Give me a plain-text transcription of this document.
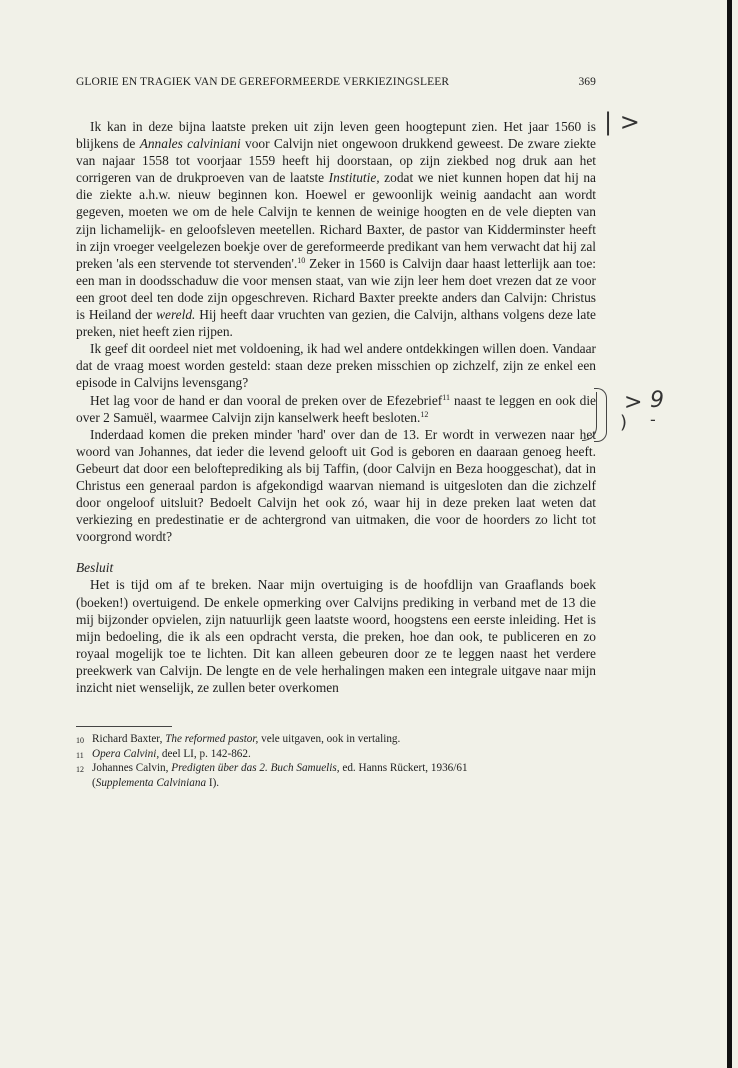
GLORIE EN TRAGIEK VAN DE GEREFORMEERDE VERKIEZINGSLEER	369

Ik kan in deze bijna laatste preken uit zijn leven geen hoogtepunt zien. Het jaar 1560 is blijkens de Annales calviniani voor Calvijn niet ongewoon drukkend geweest. De zware ziekte van najaar 1558 tot voorjaar 1559 heeft hij doorstaan, op zijn ziekbed nog druk aan het corrigeren van de drukproeven van de laatste Institutie, zodat we niet kunnen hopen dat hij na die ziekte a.h.w. nieuw beginnen kon. Hoewel er gewoonlijk weinig aandacht aan wordt gegeven, moeten we om de hele Calvijn te kennen de weinige hoogten en de vele diepten van zijn lichamelijk- en geloofsleven meetellen. Richard Baxter, de pastor van Kidderminster heeft in zijn vroeger veelgelezen boekje over de gereformeerde predikant van hem verwacht dat hij zal preken 'als een stervende tot stervenden'.$^{10}$ Zeker in 1560 is Calvijn daar haast letterlijk aan toe: een man in doodsschaduw die voor mensen staat, van wie zijn leer hem doet vrezen dat ze voor een groot deel ten dode zijn opgeschreven. Richard Baxter preekte anders dan Calvijn: Christus is Heiland der wereld. Hij heeft daar vruchten van gezien, die Calvijn, althans volgens deze late preken, niet heeft zien rijpen.

Ik geef dit oordeel niet met voldoening, ik had wel andere ontdekkingen willen doen. Vandaar dat de vraag moest worden gesteld: staan deze preken misschien op zichzelf, zijn ze enkel een episode in Calvijns levensgang?

Het lag voor de hand er dan vooral de preken over de Efezebrief$^{11}$ naast te leggen en ook die over 2 Samuël, waarmee Calvijn zijn kanselwerk heeft besloten.$^{12}$

Inderdaad komen die preken minder 'hard' over dan de 13. Er wordt in verwezen naar het woord van Johannes, dat ieder die levend gelooft uit God is geboren en daaraan genoeg heeft. Gebeurt dat door een belofteprediking als bij Taffin, (door Calvijn en Beza hooggeschat), dat in Christus een generaal pardon is afgekondigd waarvan niemand is uitgesloten dan die zichzelf door ongeloof uitsluit? Bedoelt Calvijn het ook zó, waar hij in deze preken laat weten dat verkiezing en predestinatie er de achtergrond van uitmaken, die voor de hoorders zo licht tot voorgrond wordt?

Besluit

Het is tijd om af te breken. Naar mijn overtuiging is de hoofdlijn van Graaflands boek (boeken!) overtuigend. De enkele opmerking over Calvijns prediking in verband met de 13 die mij bijzonder opvielen, zijn natuurlijk geen laatste woord, hoogstens een eerste inleiding. Het is mijn bedoeling, die ik als een opdracht versta, die preken, hoe dan ook, te publiceren en zo royaal mogelijk toe te lichten. Dit kan alleen gebeuren door ze te leggen naast het verdere preekwerk van Calvijn. De lengte en de vele herhalingen maken een integrale uitgave naar mijn inzicht niet wenselijk, ze zullen beter overkomen

10 Richard Baxter, The reformed pastor, vele uitgaven, ook in vertaling.
11 Opera Calvini, deel LI, p. 142-862.
12 Johannes Calvin, Predigten über das 2. Buch Samuelis, ed. Hanns Rückert, 1936/61
(Supplementa Calviniana I).
| >
> 9
) -
